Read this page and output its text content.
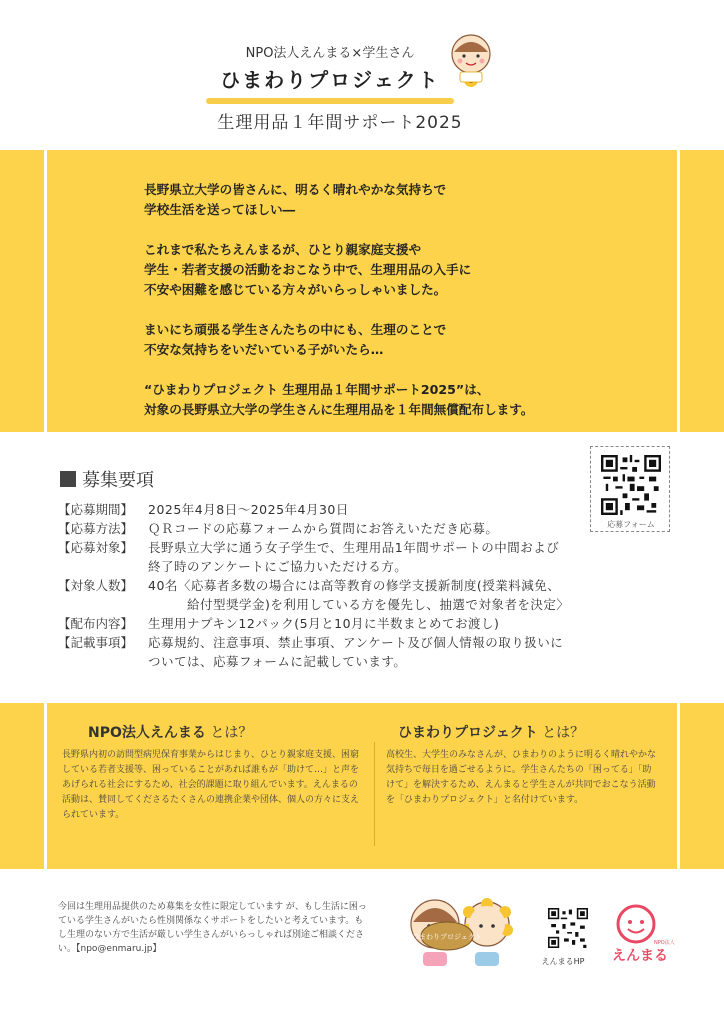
NPO法人えんまる×学生さん
ひまわりプロジェクト
生理用品１年間サポート2025

長野県立大学の皆さんに、明るく晴れやかな気持ちで
学校生活を送ってほしい―

これまで私たちえんまるが、ひとり親家庭支援や
学生・若者支援の活動をおこなう中で、生理用品の入手に
不安や困難を感じている方々がいらっしゃいました。

まいにち頑張る学生さんたちの中にも、生理のことで
不安な気持ちをいだいている子がいたら…

“ひまわりプロジェクト 生理用品１年間サポート2025”は、
対象の長野県立大学の学生さんに生理用品を１年間無償配布します。

募集要項
応募フォーム
【応募期間】	2025年4月8日～2025年4月30日
【応募方法】	ＱＲコードの応募フォームから質問にお答えいただき応募。
【応募対象】	長野県立大学に通う女子学生で、生理用品1年間サポートの中間および
終了時のアンケートにご協力いただける方。
【対象人数】	40名〈応募者多数の場合には高等教育の修学支援新制度(授業料減免、
　　　給付型奨学金)を利用している方を優先し、抽選で対象者を決定〉
【配布内容】	生理用ナプキン12パック(5月と10月に半数まとめてお渡し)
【記載事項】	応募規約、注意事項、禁止事項、アンケート及び個人情報の取り扱いに
ついては、応募フォームに記載しています。
NPO法人えんまる とは？
長野県内初の訪問型病児保育事業からはじまり、ひとり親家庭支援、困窮している若者支援等、困っていることがあれば誰もが「助けて…」と声をあげられる社会にするため、社会的課題に取り組んでいます。えんまるの活動は、賛同してくださるたくさんの連携企業や団体、個人の方々に支えられています。
ひまわりプロジェクト とは？
高校生、大学生のみなさんが、ひまわりのように明るく晴れやかな気持ちで毎日を過ごせるように。学生さんたちの「困ってる」「助けて」を解決するため、えんまると学生さんが共同でおこなう活動を「ひまわりプロジェクト」と名付けています。
今回は生理用品提供のため募集を女性に限定しています が、もし生活に困っている学生さんがいたら性別関係なくサポートをしたいと考えています。もし生理のない方で生活が厳しい学生さんがいらっしゃれば別途ご相談ください。【npo@enmaru.jp】
ひまわりプロジェクト
えんまるHP
NPO法人
えんまる
